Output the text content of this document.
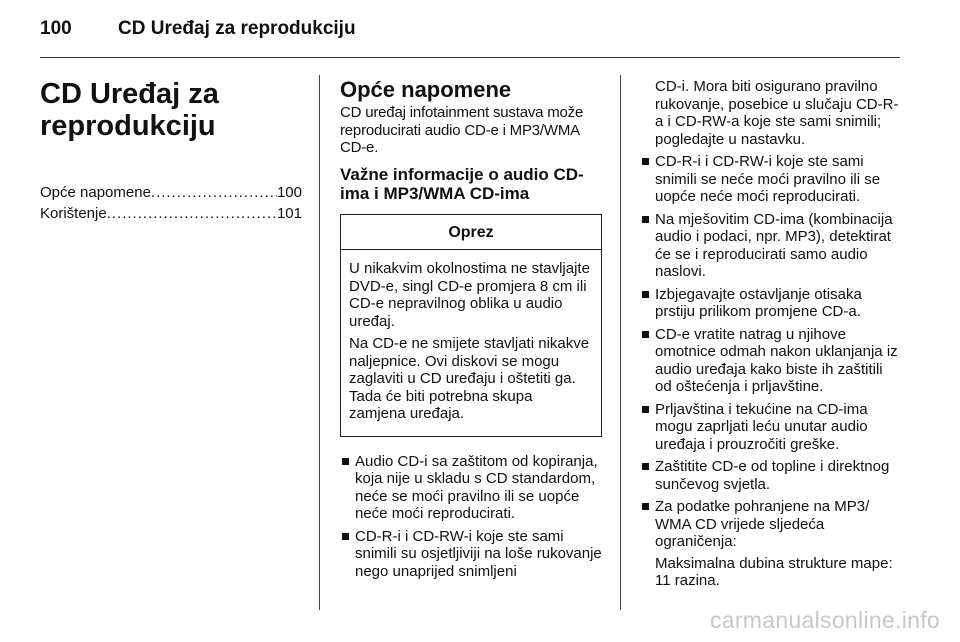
100 CD Uređaj za reprodukciju
CD Uređaj za reprodukciju
Opće napomene .....	100
Korištenje .....	101
Opće napomene

CD uređaj infotainment sustava može reproducirati audio CD-e i MP3/WMA CD-e.

Važne informacije o audio CD-ima i MP3/WMA CD-ima
Oprez

U nikakvim okolnostima ne stavljajte DVD-e, singl CD-e promjera 8 cm ili CD-e nepravilnog oblika u audio uređaj.

Na CD-e ne smijete stavljati nikakve naljepnice. Ovi diskovi se mogu zaglaviti u CD uređaju i oštetiti ga. Tada će biti potrebna skupa zamjena uređaja.

Audio CD-i sa zaštitom od kopiranja, koja nije u skladu s CD standardom, neće se moći pravilno ili se uopće neće moći reproducirati.
CD-R-i i CD-RW-i koje ste sami snimili su osjetljiviji na loše rukovanje nego unaprijed snimljeni

CD-i. Mora biti osigurano pravilno rukovanje, posebice u slučaju CD-R-a i CD-RW-a koje ste sami snimili; pogledajte u nastavku.

CD-R-i i CD-RW-i koje ste sami snimili se neće moći pravilno ili se uopće neće moći reproducirati.
Na mješovitim CD-ima (kombinacija audio i podaci, npr. MP3), detektirat će se i reproducirati samo audio naslovi.
Izbjegavajte ostavljanje otisaka prstiju prilikom promjene CD-a.
CD-e vratite natrag u njihove omotnice odmah nakon uklanjanja iz audio uređaja kako biste ih zaštitili od oštećenja i prljavštine.
Prljavština i tekućine na CD-ima mogu zaprljati leću unutar audio uređaja i prouzročiti greške.
Zaštitite CD-e od topline i direktnog sunčevog svjetla.
Za podatke pohranjene na MP3/ WMA CD vrijede sljedeća ograničenja:

Maksimalna dubina strukture mape: 11 razina.

carmanualsonline.info
